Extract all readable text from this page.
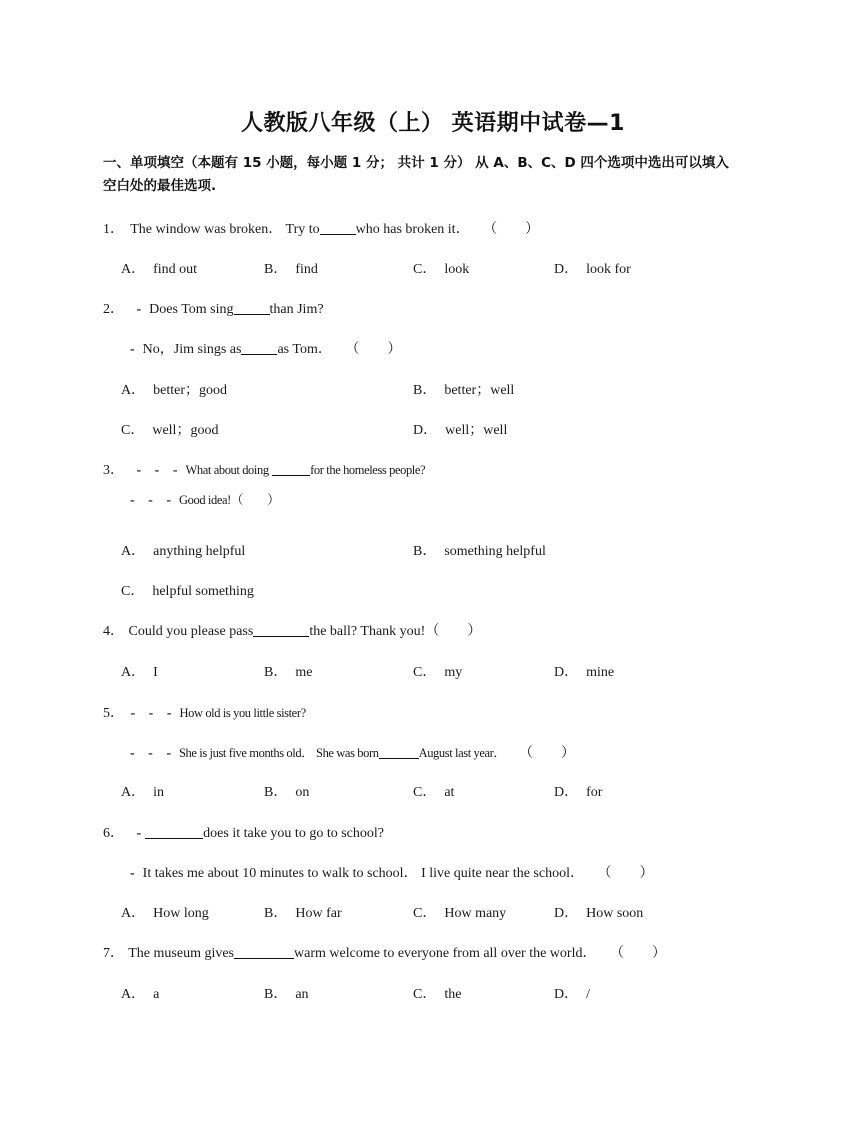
人教版八年级（上） 英语期中试卷—1
一、单项填空（本题有 15 小题，每小题 1 分； 共计 1 分） 从 A、B、C、D 四个选项中选出可以填入
空白处的最佳选项.
1． The window was broken． Try to	who has broken it． （　　）
A． find out	B． find	C． look	D． look for
2． - Does Tom sing	than Jim?
- No，Jim sings as	as Tom． （　　）
A． better；good	B． better；well
C． well；good	D． well；well
3． - - - What about doing	for the homeless people?
- - - Good idea!（　　）
A． anything helpful	B． something helpful
C． helpful something
4． Could you please pass	the ball? Thank you!（　　）
A． I	B． me	C． my	D． mine
5． - - - How old is you little sister?
- - - She is just five months old． She was born	August last year． （　　）
A． in	B． on	C． at	D． for
6． -	does it take you to go to school?
- It takes me about 10 minutes to walk to school． I live quite near the school． （　　）
A． How long	B． How far	C． How many	D． How soon
7． The museum gives	warm welcome to everyone from all over the world． （　　）
A． a	B． an	C． the	D． /
